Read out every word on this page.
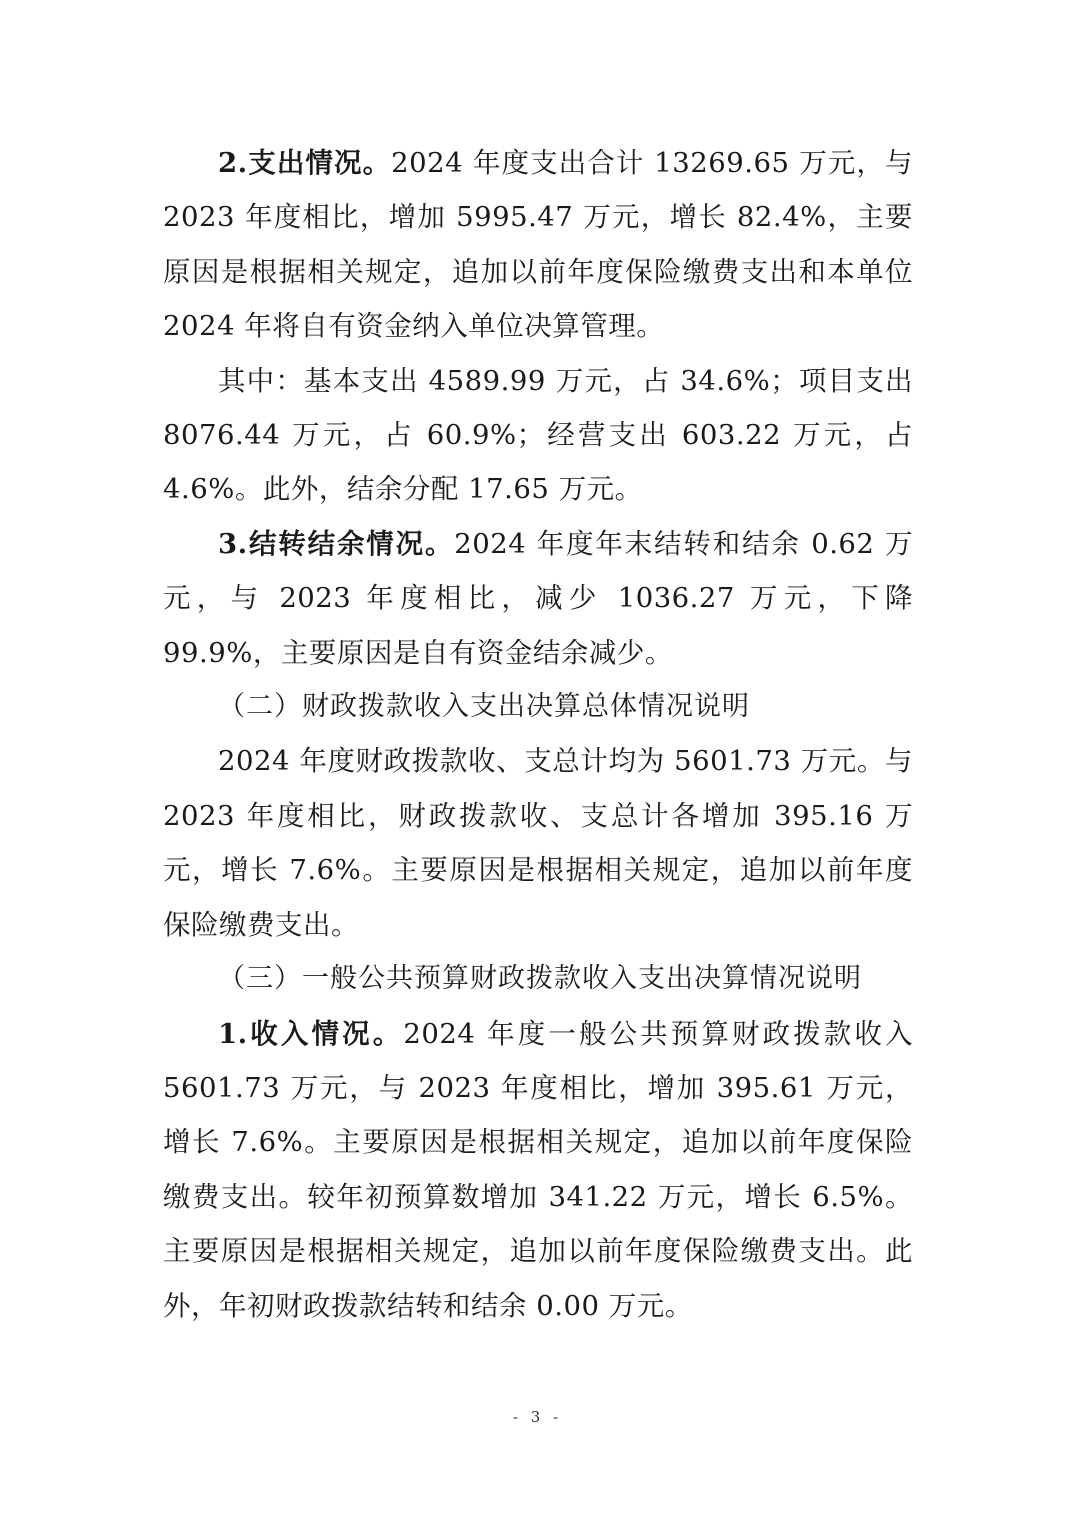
2.支出情况。2024 年度支出合计 13269.65 万元，与 2023 年度相比，增加 5995.47 万元，增长 82.4%，主要原因是根据相关规定，追加以前年度保险缴费支出和本单位 2024 年将自有资金纳入单位决算管理。

其中：基本支出 4589.99 万元，占 34.6%；项目支出 8076.44 万元，占 60.9%；经营支出 603.22 万元，占 4.6%。此外，结余分配 17.65 万元。

3.结转结余情况。2024 年度年末结转和结余 0.62 万元，与 2023 年度相比，减少 1036.27 万元，下降 99.9%，主要原因是自有资金结余减少。

（二）财政拨款收入支出决算总体情况说明

2024 年度财政拨款收、支总计均为 5601.73 万元。与 2023 年度相比，财政拨款收、支总计各增加 395.16 万元，增长 7.6%。主要原因是根据相关规定，追加以前年度保险缴费支出。

（三）一般公共预算财政拨款收入支出决算情况说明

1.收入情况。2024 年度一般公共预算财政拨款收入 5601.73 万元，与 2023 年度相比，增加 395.61 万元，增长 7.6%。主要原因是根据相关规定，追加以前年度保险缴费支出。较年初预算数增加 341.22 万元，增长 6.5%。主要原因是根据相关规定，追加以前年度保险缴费支出。此外，年初财政拨款结转和结余 0.00 万元。

- 3 -
